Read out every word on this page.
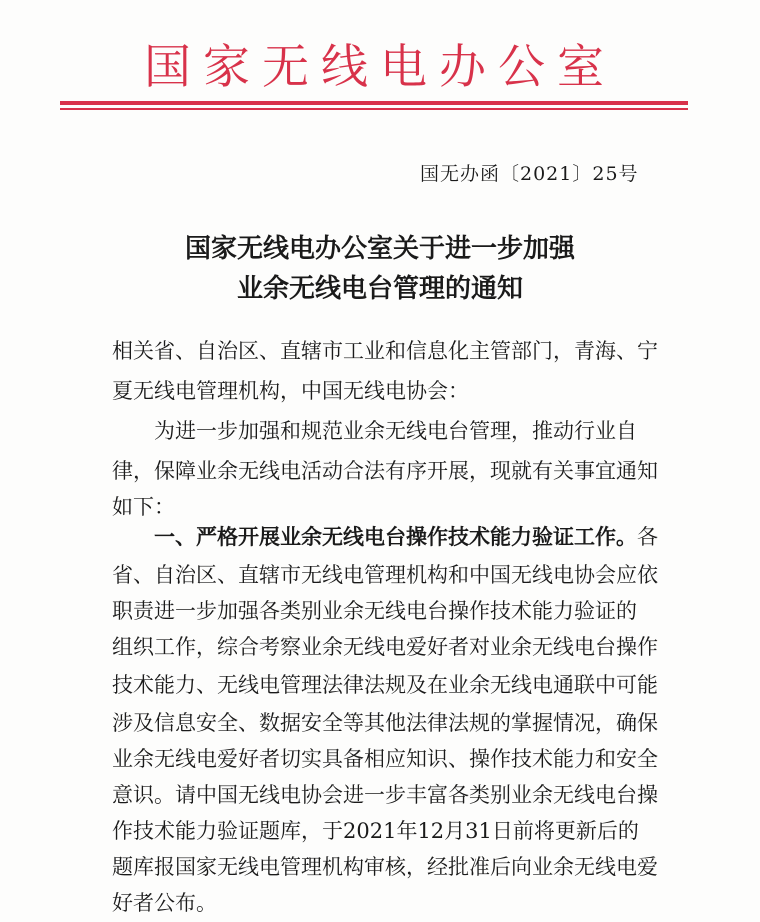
国家无线电办公室
国无办函〔2021〕25号
国家无线电办公室关于进一步加强
业余无线电台管理的通知
相关省、自治区、直辖市工业和信息化主管部门，青海、宁
夏无线电管理机构，中国无线电协会：
为进一步加强和规范业余无线电台管理，推动行业自
律，保障业余无线电活动合法有序开展，现就有关事宜通知
如下：
一、严格开展业余无线电台操作技术能力验证工作。各
省、自治区、直辖市无线电管理机构和中国无线电协会应依
职责进一步加强各类别业余无线电台操作技术能力验证的
组织工作，综合考察业余无线电爱好者对业余无线电台操作
技术能力、无线电管理法律法规及在业余无线电通联中可能
涉及信息安全、数据安全等其他法律法规的掌握情况，确保
业余无线电爱好者切实具备相应知识、操作技术能力和安全
意识。请中国无线电协会进一步丰富各类别业余无线电台操
作技术能力验证题库，于2021年12月31日前将更新后的
题库报国家无线电管理机构审核，经批准后向业余无线电爱
好者公布。
